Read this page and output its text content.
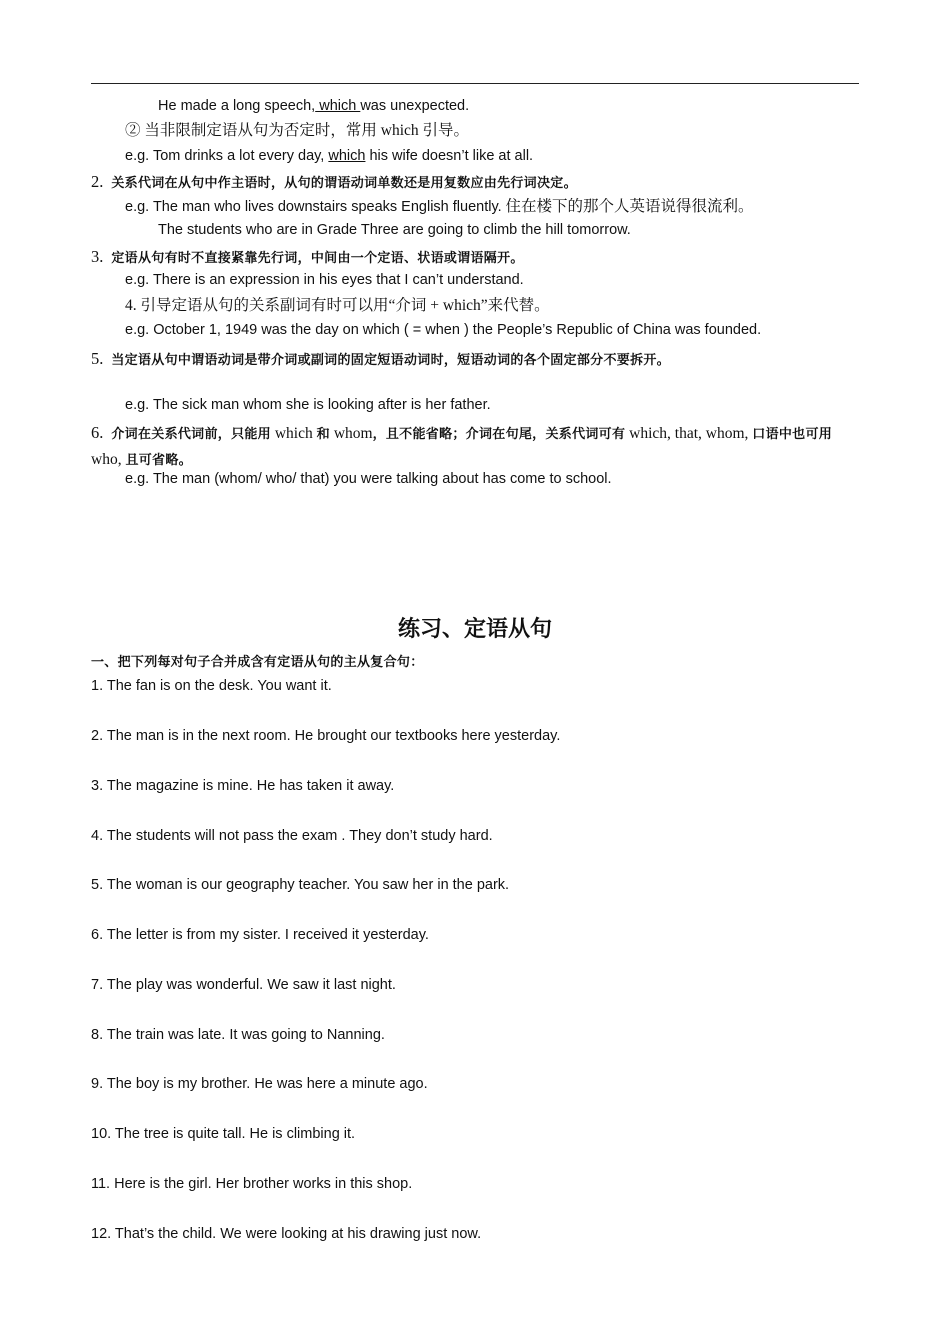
He made a long speech, which was unexpected.
② 当非限制定语从句为否定时，常用 which 引导。
e.g. Tom drinks a lot every day, which his wife doesn’t like at all.
2. 关系代词在从句中作主语时，从句的谓语动词单数还是用复数应由先行词决定。
e.g. The man who lives downstairs speaks English fluently. 住在楼下的那个人英语说得很流利。
The students who are in Grade Three are going to climb the hill tomorrow.
3. 定语从句有时不直接紧靠先行词，中间由一个定语、状语或谓语隔开。
e.g. There is an expression in his eyes that I can’t understand.
4. 引导定语从句的关系副词有时可以用“介词 + which”来代替。
e.g. October 1, 1949 was the day on which ( = when ) the People’s Republic of China was founded.
5. 当定语从句中谓语动词是带介词或副词的固定短语动词时，短语动词的各个固定部分不要拆开。
e.g. The sick man whom she is looking after is her father.
6. 介词在关系代词前，只能用 which 和 whom，且不能省略；介词在句尾，关系代词可有 which, that, whom, 口语中也可用 who, 且可省略。
e.g. The man (whom/ who/ that) you were talking about has come to school.
练习、定语从句
一、把下列每对句子合并成含有定语从句的主从复合句：
1. The fan is on the desk. You want it.
2. The man is in the next room. He brought our textbooks here yesterday.
3. The magazine is mine. He has taken it away.
4. The students will not pass the exam . They don’t study hard.
5. The woman is our geography teacher. You saw her in the park.
6. The letter is from my sister. I received it yesterday.
7. The play was wonderful. We saw it last night.
8. The train was late. It was going to Nanning.
9. The boy is my brother. He was here a minute ago.
10. The tree is quite tall. He is climbing it.
11. Here is the girl. Her brother works in this shop.
12. That’s the child. We were looking at his drawing just now.
